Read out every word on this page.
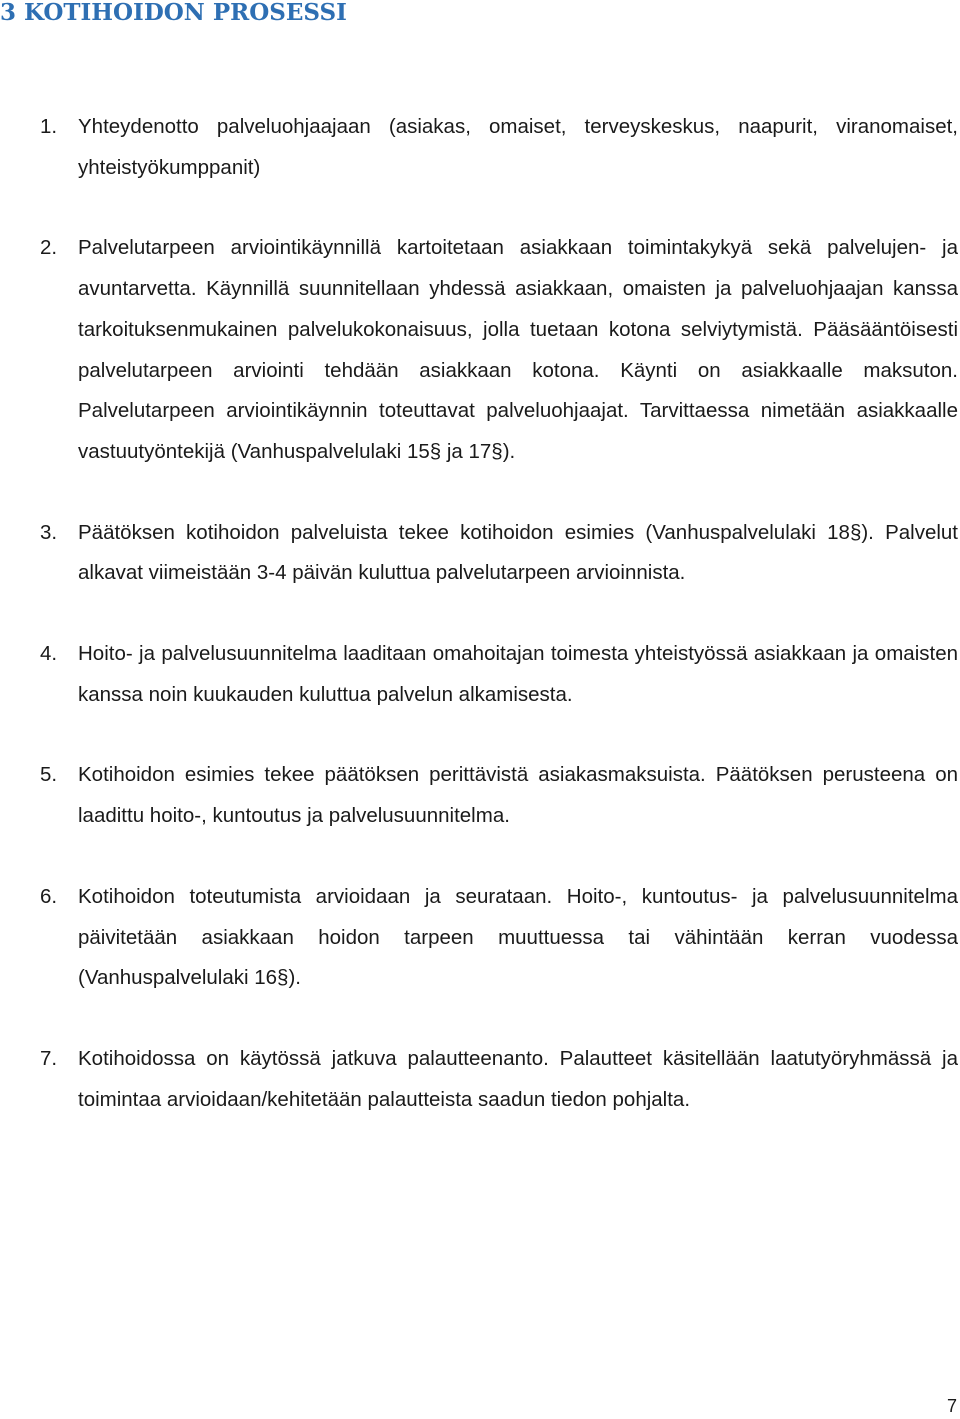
3 KOTIHOIDON PROSESSI
1. Yhteydenotto palveluohjaajaan (asiakas, omaiset, terveyskeskus, naapurit, viranomaiset, yhteistyökumppanit)
2. Palvelutarpeen arviointikäynnillä kartoitetaan asiakkaan toimintakykyä sekä palvelujen- ja avuntarvetta. Käynnillä suunnitellaan yhdessä asiakkaan, omaisten ja palveluohjaajan kanssa tarkoituksenmukainen palvelukokonaisuus, jolla tuetaan kotona selviytymistä. Pääsääntöisesti palvelutarpeen arviointi tehdään asiakkaan kotona. Käynti on asiakkaalle maksuton. Palvelutarpeen arviointikäynnin toteuttavat palveluohjaajat. Tarvittaessa nimetään asiakkaalle vastuutyöntekijä (Vanhuspalvelulaki 15§ ja 17§).
3. Päätöksen kotihoidon palveluista tekee kotihoidon esimies (Vanhuspalvelulaki 18§). Palvelut alkavat viimeistään 3-4 päivän kuluttua palvelutarpeen arvioinnista.
4. Hoito- ja palvelusuunnitelma laaditaan omahoitajan toimesta yhteistyössä asiakkaan ja omaisten kanssa noin kuukauden kuluttua palvelun alkamisesta.
5. Kotihoidon esimies tekee päätöksen perittävistä asiakasmaksuista. Päätöksen perusteena on laadittu hoito-, kuntoutus ja palvelusuunnitelma.
6. Kotihoidon toteutumista arvioidaan ja seurataan. Hoito-, kuntoutus- ja palvelusuunnitelma päivitetään asiakkaan hoidon tarpeen muuttuessa tai vähintään kerran vuodessa (Vanhuspalvelulaki 16§).
7. Kotihoidossa on käytössä jatkuva palautteenanto. Palautteet käsitellään laatutyöryhmässä ja toimintaa arvioidaan/kehitetään palautteista saadun tiedon pohjalta.
7
